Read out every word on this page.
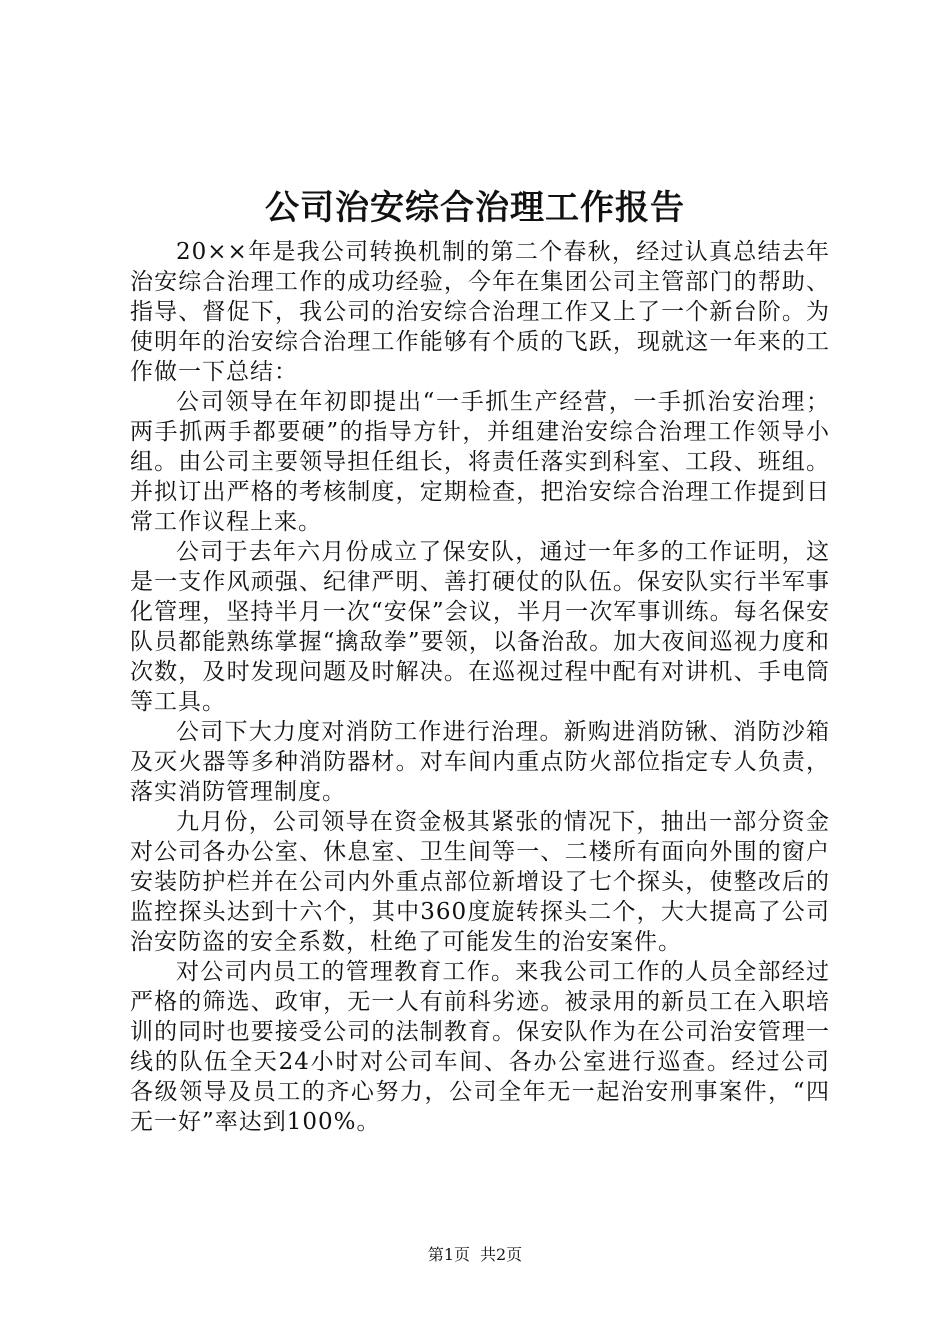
公司治安综合治理工作报告

20××年是我公司转换机制的第二个春秋，经过认真总结去年治安综合治理工作的成功经验，今年在集团公司主管部门的帮助、指导、督促下，我公司的治安综合治理工作又上了一个新台阶。为使明年的治安综合治理工作能够有个质的飞跃，现就这一年来的工作做一下总结：

公司领导在年初即提出“一手抓生产经营，一手抓治安治理；两手抓两手都要硬”的指导方针，并组建治安综合治理工作领导小组。由公司主要领导担任组长，将责任落实到科室、工段、班组。并拟订出严格的考核制度，定期检查，把治安综合治理工作提到日常工作议程上来。

公司于去年六月份成立了保安队，通过一年多的工作证明，这是一支作风顽强、纪律严明、善打硬仗的队伍。保安队实行半军事化管理，坚持半月一次“安保”会议，半月一次军事训练。每名保安队员都能熟练掌握“擒敌拳”要领，以备治敌。加大夜间巡视力度和次数，及时发现问题及时解决。在巡视过程中配有对讲机、手电筒等工具。

公司下大力度对消防工作进行治理。新购进消防锹、消防沙箱及灭火器等多种消防器材。对车间内重点防火部位指定专人负责，落实消防管理制度。

九月份，公司领导在资金极其紧张的情况下，抽出一部分资金对公司各办公室、休息室、卫生间等一、二楼所有面向外围的窗户安装防护栏并在公司内外重点部位新增设了七个探头，使整改后的监控探头达到十六个，其中360度旋转探头二个，大大提高了公司治安防盗的安全系数，杜绝了可能发生的治安案件。

对公司内员工的管理教育工作。来我公司工作的人员全部经过严格的筛选、政审，无一人有前科劣迹。被录用的新员工在入职培训的同时也要接受公司的法制教育。保安队作为在公司治安管理一线的队伍全天24小时对公司车间、各办公室进行巡查。经过公司各级领导及员工的齐心努力，公司全年无一起治安刑事案件，“四无一好”率达到100%。

第1页 共2页
